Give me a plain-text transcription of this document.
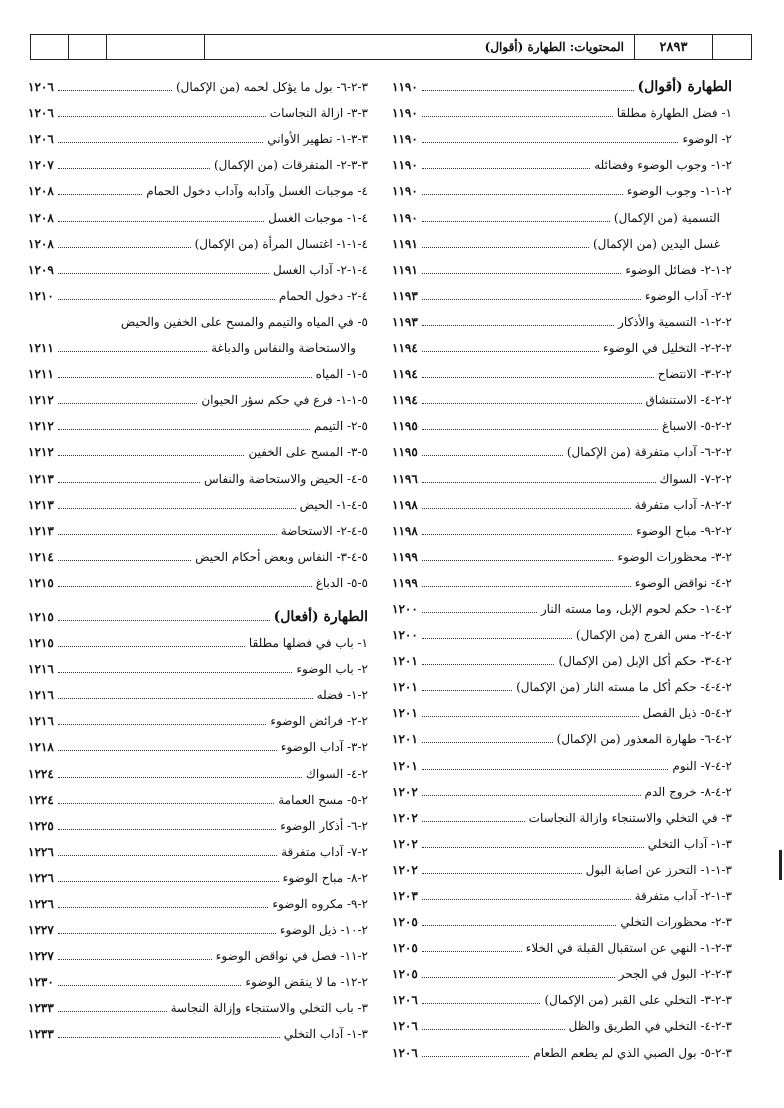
المحتويات: الطهارة (أقوال)	٢٨٩٣
الطهارة (أقوال)
١١٩٠
١- فضل الطهارة مطلقا
١١٩٠
٢- الوضوء
١١٩٠
٢-١- وجوب الوضوء وفضائله
١١٩٠
٢-١-١- وجوب الوضوء
١١٩٠
التسمية (من الإكمال)
١١٩٠
غسل اليدين (من الإكمال)
١١٩١
٢-١-٢- فضائل الوضوء
١١٩١
٢-٢- آداب الوضوء
١١٩٣
٢-٢-١- التسمية والأذكار
١١٩٣
٢-٢-٢- التخليل في الوضوء
١١٩٤
٢-٢-٣- الانتضاح
١١٩٤
٢-٢-٤- الاستنشاق
١١٩٤
٢-٢-٥- الاسباغ
١١٩٥
٢-٢-٦- آداب متفرقة (من الإكمال)
١١٩٥
٢-٢-٧- السواك
١١٩٦
٢-٢-٨- آداب متفرقة
١١٩٨
٢-٢-٩- مباح الوضوء
١١٩٨
٢-٣- محظورات الوضوء
١١٩٩
٢-٤- نواقض الوضوء
١١٩٩
٢-٤-١- حكم لحوم الإبل، وما مسته النار
١٢٠٠
٢-٤-٢- مس الفرج (من الإكمال)
١٢٠٠
٢-٤-٣- حكم أكل الإبل (من الإكمال)
١٢٠١
٢-٤-٤- حكم أكل ما مسته النار (من الإكمال)
١٢٠١
٢-٤-٥- ذيل الفصل
١٢٠١
٢-٤-٦- طهارة المعذور (من الإكمال)
١٢٠١
٢-٤-٧- النوم
١٢٠١
٢-٤-٨- خروج الدم
١٢٠٢
٣- في التخلي والاستنجاء وازالة النجاسات
١٢٠٢
٣-١- آداب التخلي
١٢٠٢
٣-١-١- التحرز عن اصابة البول
١٢٠٢
٣-١-٢- آداب متفرقة
١٢٠٣
٣-٢- محظورات التخلي
١٢٠٥
٣-٢-١- النهي عن استقبال القبلة في الخلاء
١٢٠٥
٣-٢-٢- البول في الجحر
١٢٠٥
٣-٢-٣- التخلي على القبر (من الإكمال)
١٢٠٦
٣-٢-٤- التخلي في الطريق والظل
١٢٠٦
٣-٢-٥- بول الصبي الذي لم يطعم الطعام
١٢٠٦
٣-٢-٦- بول ما يؤكل لحمه (من الإكمال)
١٢٠٦
٣-٣- ازالة النجاسات
١٢٠٦
٣-٣-١- تطهير الأواني
١٢٠٦
٣-٣-٢- المتفرقات (من الإكمال)
١٢٠٧
٤- موجبات الغسل وآدابه وآداب دخول الحمام
١٢٠٨
٤-١- موجبات الغسل
١٢٠٨
٤-١-١- اغتسال المرأة (من الإكمال)
١٢٠٨
٤-١-٢- آداب الغسل
١٢٠٩
٤-٢- دخول الحمام
١٢١٠
٥- في المياه والتيمم والمسح على الخفين والحيض
والاستحاضة والنفاس والدباغة
١٢١١
٥-١- المياه
١٢١١
٥-١-١- فرع في حكم سؤر الحيوان
١٢١٢
٥-٢- التيمم
١٢١٢
٥-٣- المسح على الخفين
١٢١٢
٥-٤- الحيض والاستحاضة والنفاس
١٢١٣
٥-٤-١- الحيض
١٢١٣
٥-٤-٢- الاستحاضة
١٢١٣
٥-٤-٣- النفاس وبعض أحكام الحيض
١٢١٤
٥-٥- الدباغ
١٢١٥
الطهارة (أفعال)
١٢١٥
١- باب في فضلها مطلقا
١٢١٥
٢- باب الوضوء
١٢١٦
٢-١- فضله
١٢١٦
٢-٢- فرائض الوضوء
١٢١٦
٢-٣- آداب الوضوء
١٢١٨
٢-٤- السواك
١٢٢٤
٢-٥- مسح العمامة
١٢٢٤
٢-٦- أذكار الوضوء
١٢٢٥
٢-٧- آداب متفرقة
١٢٢٦
٢-٨- مباح الوضوء
١٢٢٦
٢-٩- مكروه الوضوء
١٢٢٦
٢-١٠- ذيل الوضوء
١٢٢٧
٢-١١- فصل في نواقض الوضوء
١٢٢٧
٢-١٢- ما لا ينقض الوضوء
١٢٣٠
٣- باب التخلي والاستنجاء وإزالة النجاسة
١٢٣٣
٣-١- آداب التخلي
١٢٣٣
